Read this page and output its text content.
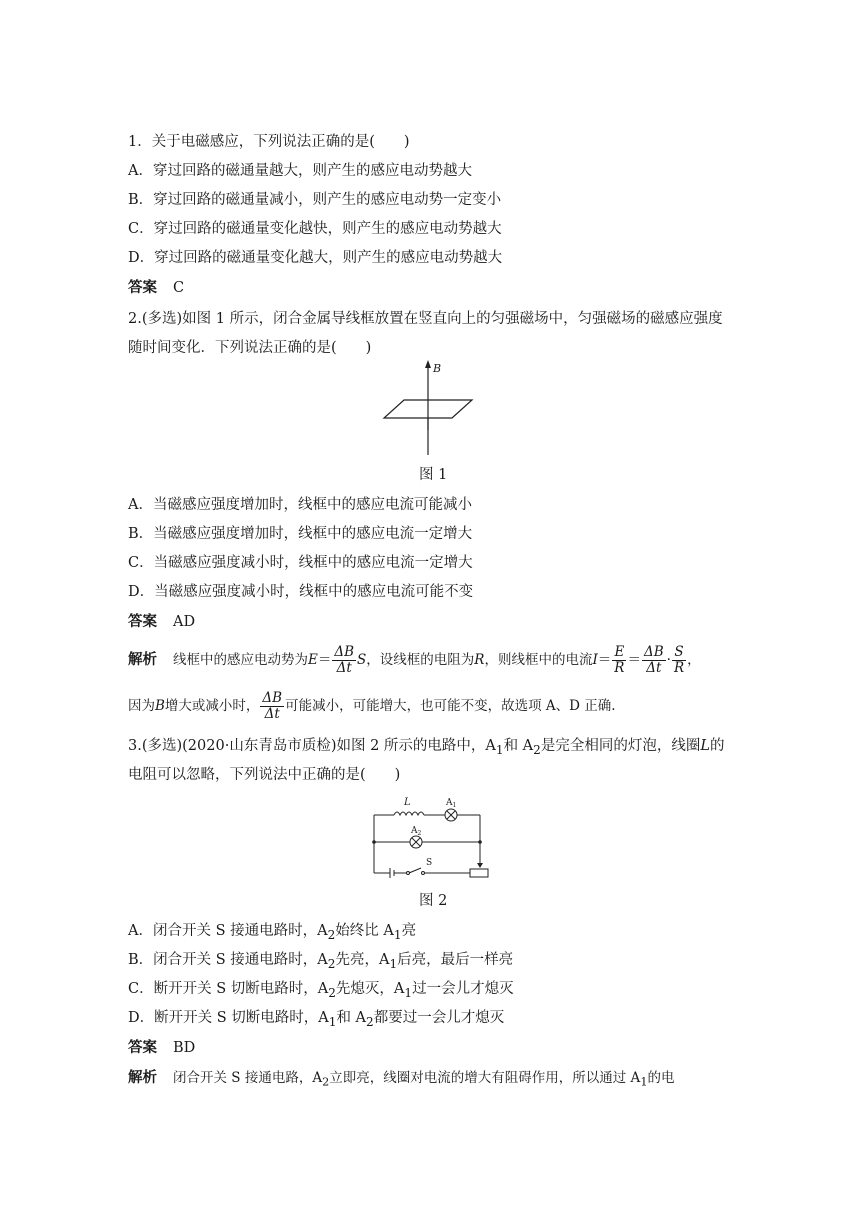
1．关于电磁感应，下列说法正确的是(　　)
A．穿过回路的磁通量越大，则产生的感应电动势越大
B．穿过回路的磁通量减小，则产生的感应电动势一定变小
C．穿过回路的磁通量变化越快，则产生的感应电动势越大
D．穿过回路的磁通量变化越大，则产生的感应电动势越大
答案 C
2.(多选)如图 1 所示，闭合金属导线框放置在竖直向上的匀强磁场中，匀强磁场的磁感应强度
随时间变化．下列说法正确的是(　　)
B
图 1
A．当磁感应强度增加时，线框中的感应电流可能减小
B．当磁感应强度增加时，线框中的感应电流一定增大
C．当磁感应强度减小时，线框中的感应电流一定增大
D．当磁感应强度减小时，线框中的感应电流可能不变
答案 AD
解析 线框中的感应电动势为$E= \frac{\Delta B}{\Delta t}$ S，设线框的电阻为R，则线框中的电流$I= \frac{E}{R} = \frac{\Delta B}{\Delta t} \cdot \frac{S}{R}$ ，
因为B增大或减小时， $\frac{\Delta B}{\Delta t}$ 可能减小，可能增大，也可能不变，故选项 A、D 正确.
3.(多选)(2020·山东青岛市质检)如图 2 所示的电路中，$A_1$和 $A_2$是完全相同的灯泡，线圈L的
电阻可以忽略，下列说法中正确的是(　　)
L	$A_1$
$A_2$
S
图 2
A．闭合开关 S 接通电路时，$A_2$始终比 $A_1$亮
B．闭合开关 S 接通电路时，$A_2$先亮，$A_1$后亮，最后一样亮
C．断开开关 S 切断电路时，$A_2$先熄灭，$A_1$过一会儿才熄灭
D．断开开关 S 切断电路时，$A_1$和 $A_2$都要过一会儿才熄灭
答案 BD
解析 闭合开关 S 接通电路，$A_2$立即亮，线圈对电流的增大有阻碍作用，所以通过 $A_1$的电
